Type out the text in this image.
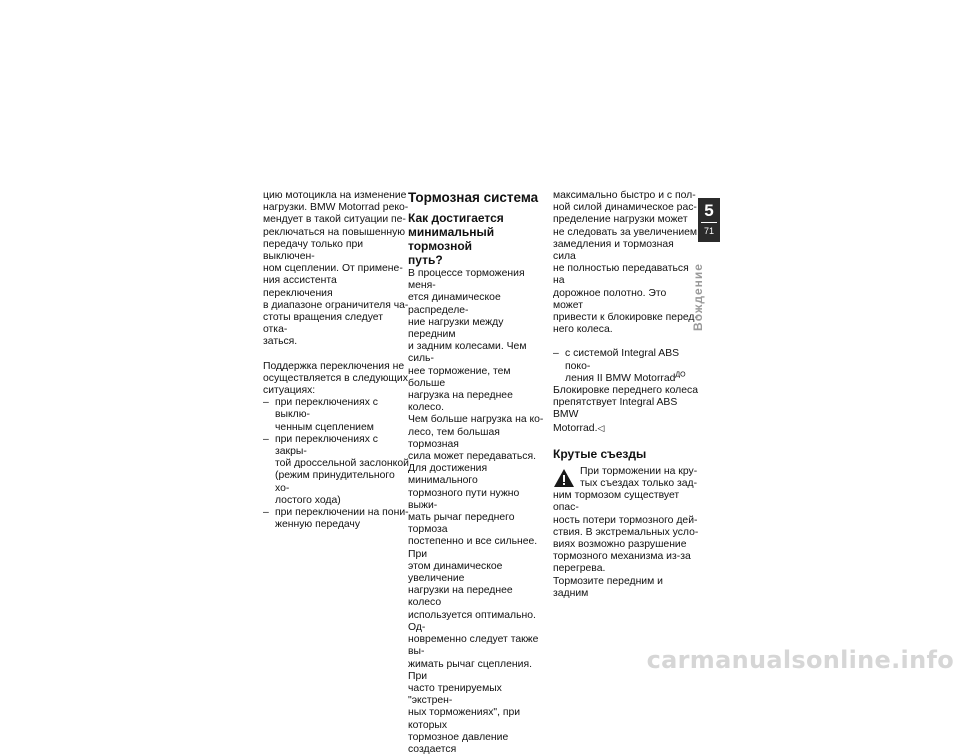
цию мотоцикла на изменение
нагрузки. BMW Motorrad реко-
мендует в такой ситуации пе-
реключаться на повышенную
передачу только при выключен-
ном сцеплении. От примене-
ния ассистента переключения
в диапазоне ограничителя ча-
стоты вращения следует отка-
заться.

Поддержка переключения не
осуществляется в следующих
ситуациях:

– при переключениях с выклю-
ченным сцеплением

– при переключениях с закры-
той дроссельной заслонкой
(режим принудительного хо-
лостого хода)

– при переключении на пони-
женную передачу

Тормозная система
Как достигается
минимальный тормозной
путь?

В процессе торможения меня-
ется динамическое распределе-
ние нагрузки между передним
и задним колесами. Чем силь-
нее торможение, тем больше
нагрузка на переднее колесо.
Чем больше нагрузка на ко-
лесо, тем большая тормозная
сила может передаваться.

Для достижения минимального
тормозного пути нужно выжи-
мать рычаг переднего тормоза
постепенно и все сильнее. При
этом динамическое увеличение
нагрузки на переднее колесо
используется оптимально. Од-
новременно следует также вы-
жимать рычаг сцепления. При
часто тренируемых "экстрен-
ных торможениях", при которых
тормозное давление создается

максимально быстро и с пол-
ной силой динамическое рас-
пределение нагрузки может
не следовать за увеличением
замедления и тормозная сила
не полностью передаваться на
дорожное полотно. Это может
привести к блокировке перед-
него колеса.

– с системой Integral ABS поко-
ления II BMW Motorrad$^{ДО}$

Блокировке переднего колеса
препятствует Integral ABS BMW
Motorrad.◁

Крутые съезды

При торможении на кру-
тых съездах только зад-
ним тормозом существует опас-
ность потери тормозного дей-
ствия. В экстремальных усло-
виях возможно разрушение
тормозного механизма из-за
перегрева.
Тормозите передним и задним

5
71
Вождение
carmanualsonline.info
